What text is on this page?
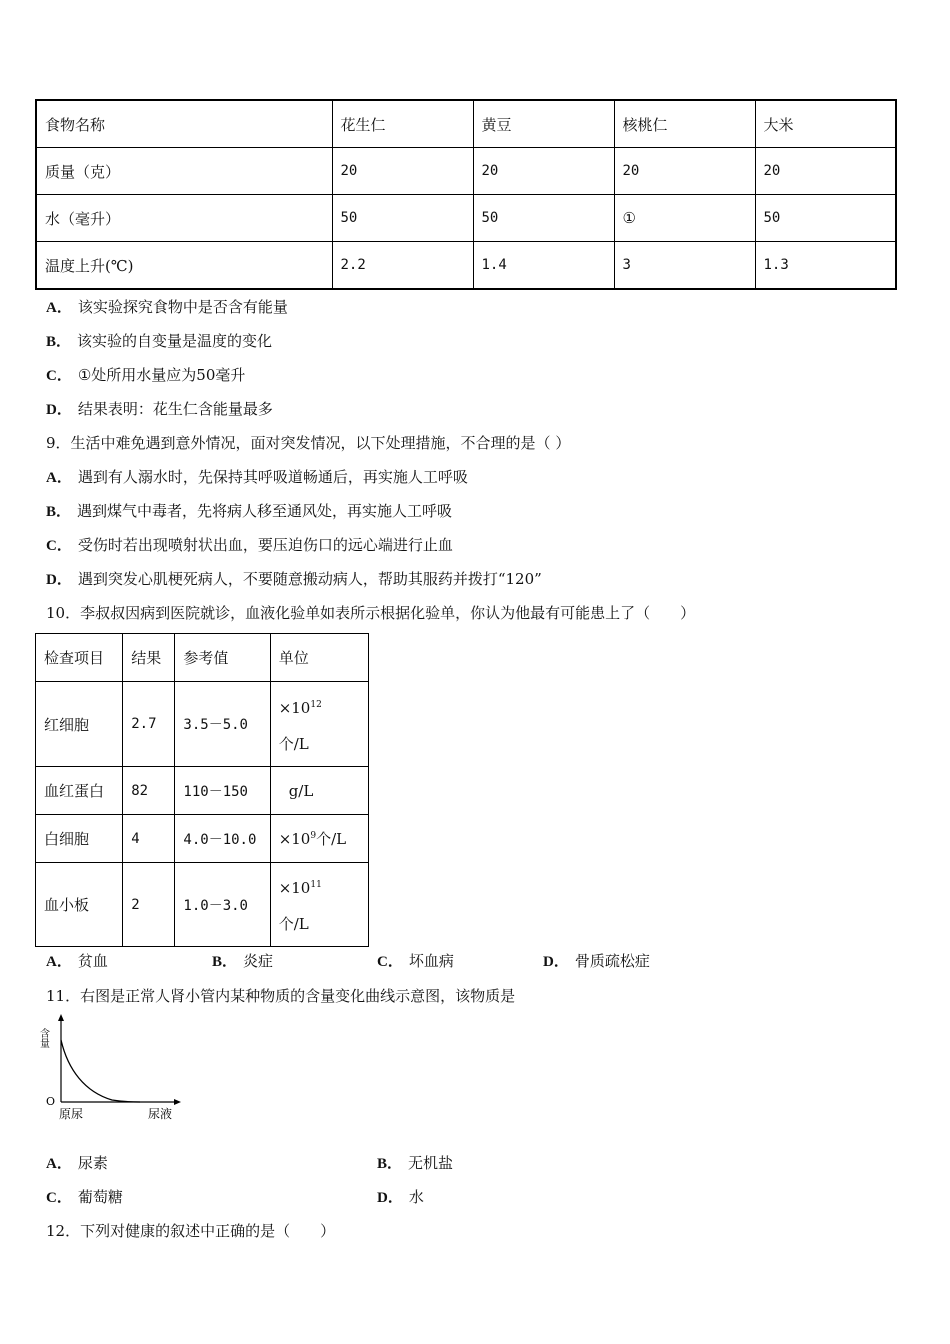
食物名称	花生仁	黄豆	核桃仁	大米
质量（克）	20	20	20	20
水（毫升）	50	50	①	50
温度上升(℃)	2.2	1.4	3	1.3
A． 该实验探究食物中是否含有能量
B． 该实验的自变量是温度的变化
C． ①处所用水量应为50毫升
D． 结果表明：花生仁含能量最多
9．生活中难免遇到意外情况，面对突发情况，以下处理措施，不合理的是（ ）
A． 遇到有人溺水时，先保持其呼吸道畅通后，再实施人工呼吸
B． 遇到煤气中毒者，先将病人移至通风处，再实施人工呼吸
C． 受伤时若出现喷射状出血，要压迫伤口的远心端进行止血
D． 遇到突发心肌梗死病人，不要随意搬动病人，帮助其服药并拨打“120”
10．李叔叔因病到医院就诊，血液化验单如表所示根据化验单，你认为他最有可能患上了（　　）
检查项目	结果	参考值	单位
红细胞	2.7	3.5－5.0	$\times 10^{12}$
个/L
血红蛋白	82	110－150	g/L
白细胞	4	4.0－10.0	$\times 10^9$个/L
血小板	2	1.0－3.0	$\times 10^{11}$
个/L
A． 贫血	B． 炎症	C． 坏血病	D． 骨质疏松症
11．右图是正常人肾小管内某种物质的含量变化曲线示意图，该物质是
含量
O
原尿	尿液
A． 尿素	B． 无机盐
C． 葡萄糖	D． 水
12．下列对健康的叙述中正确的是（　　）
